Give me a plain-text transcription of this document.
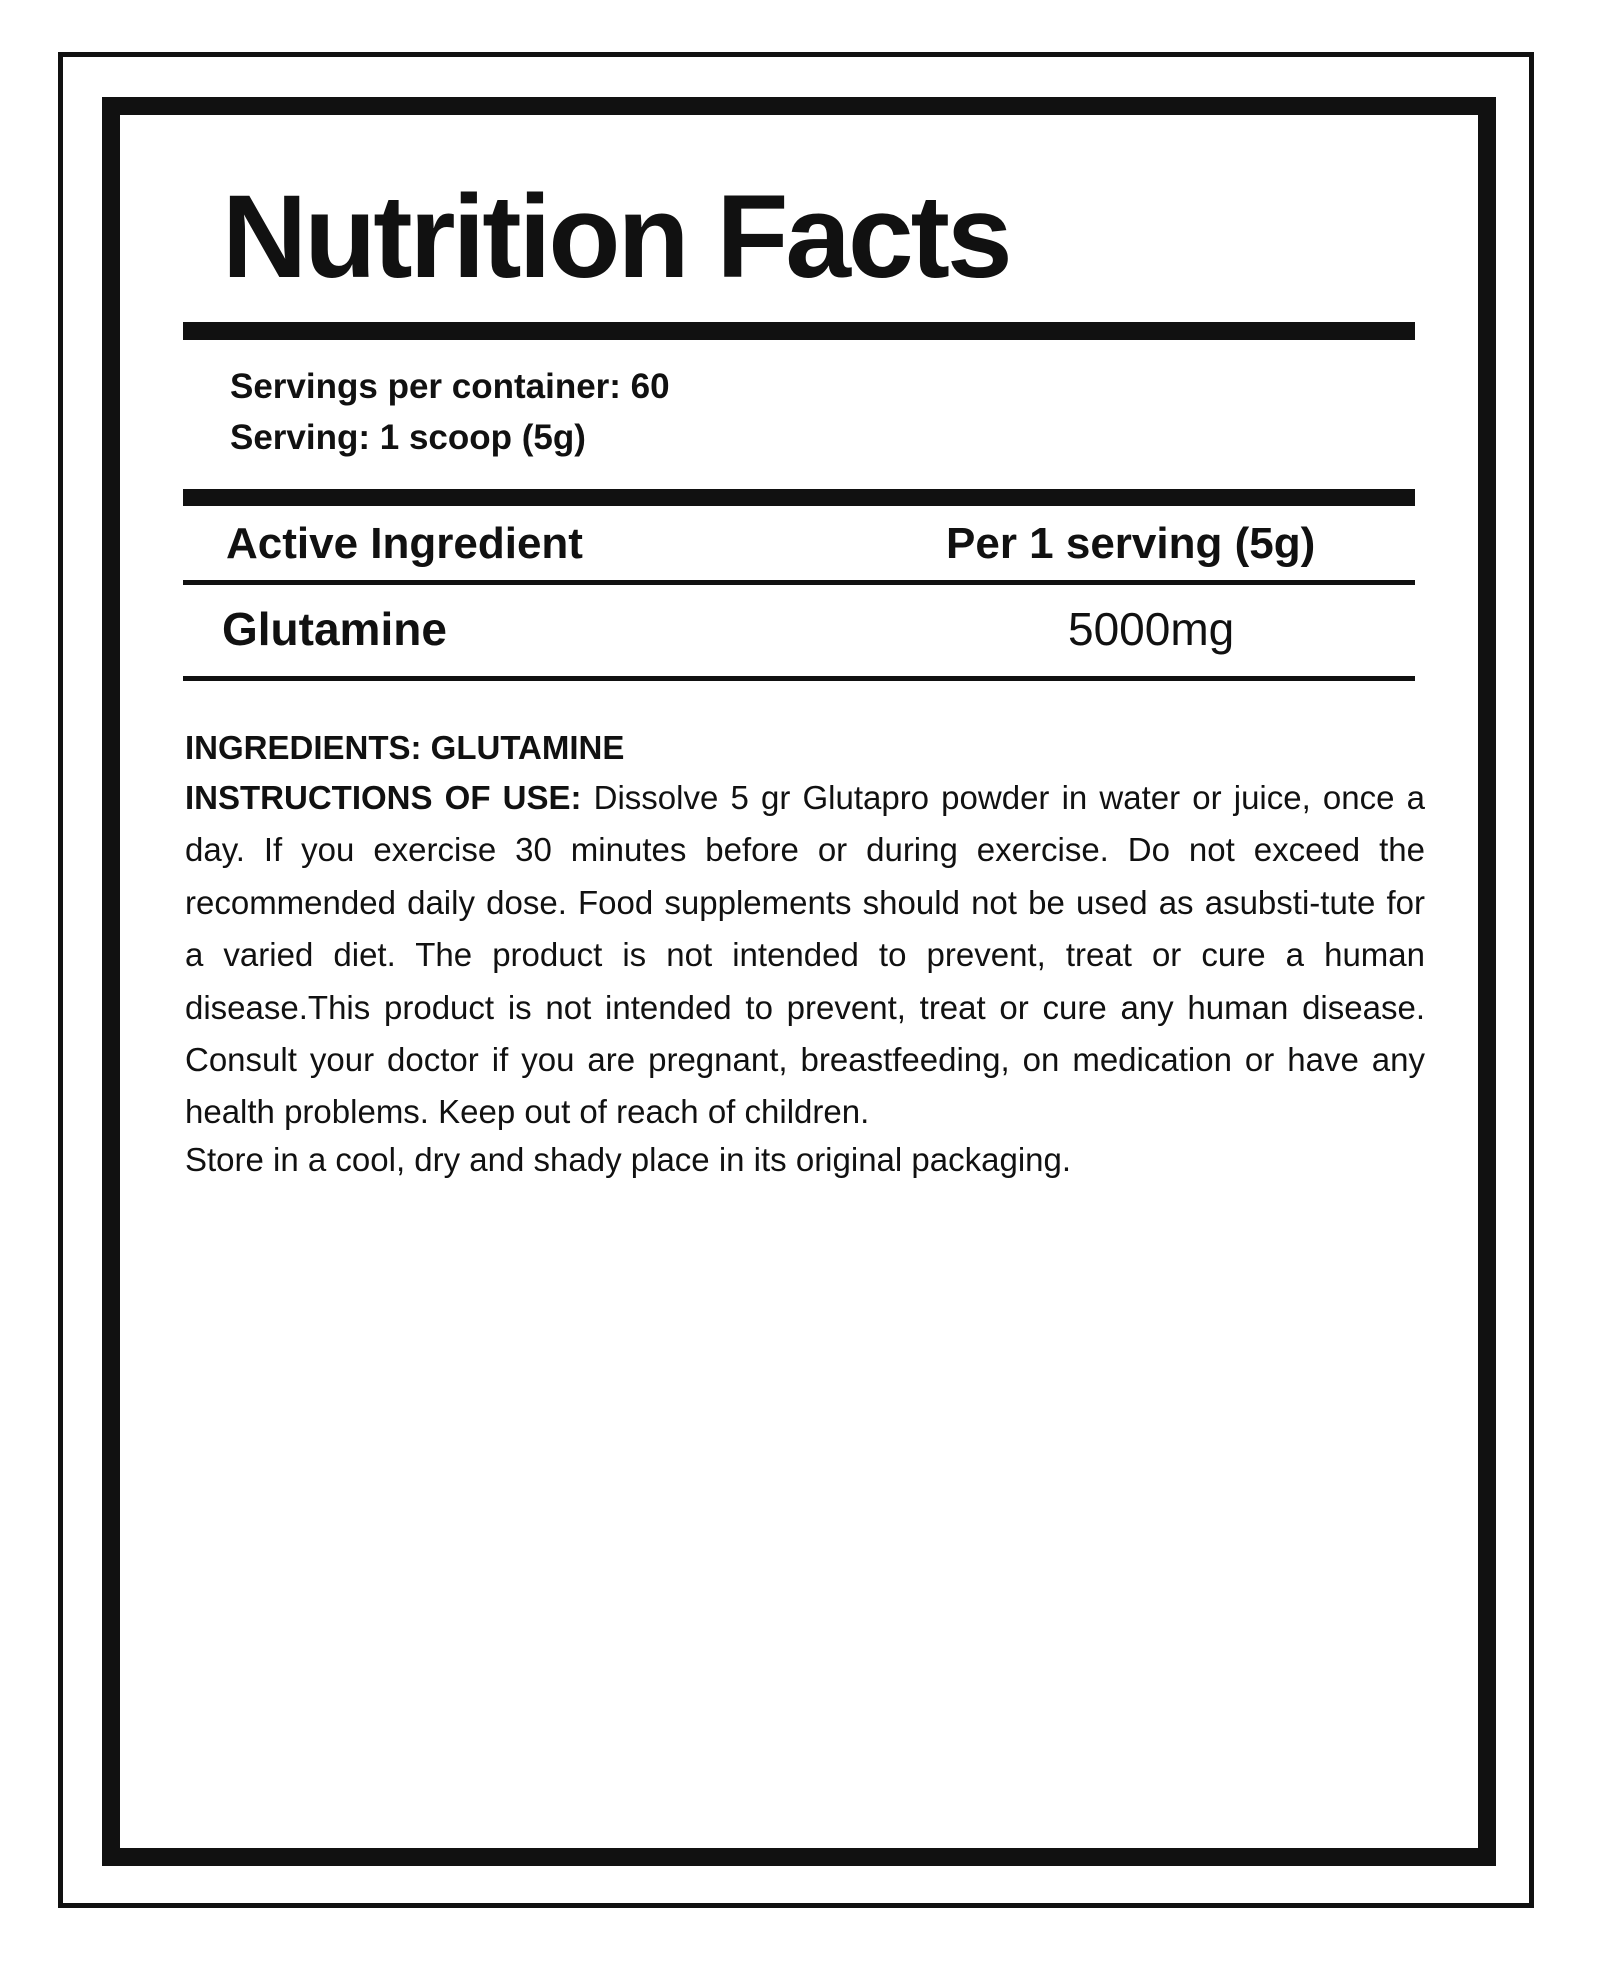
Nutrition Facts
Servings per container: 60
Serving: 1 scoop (5g)
Active Ingredient	Per 1 serving (5g)
Glutamine	5000mg
INGREDIENTS: GLUTAMINE

INSTRUCTIONS OF USE: Dissolve 5 gr Glutapro powder in water or juice, once a day. If you exercise 30 minutes before or during exercise. Do not exceed the recommended daily dose. Food supplements should not be used as asubsti-tute for a varied diet. The product is not intended to prevent, treat or cure a human disease.This product is not intended to prevent, treat or cure any human disease. Consult your doctor if you are pregnant, breastfeeding, on medication or have any health problems. Keep out of reach of children.

Store in a cool, dry and shady place in its original packaging.
